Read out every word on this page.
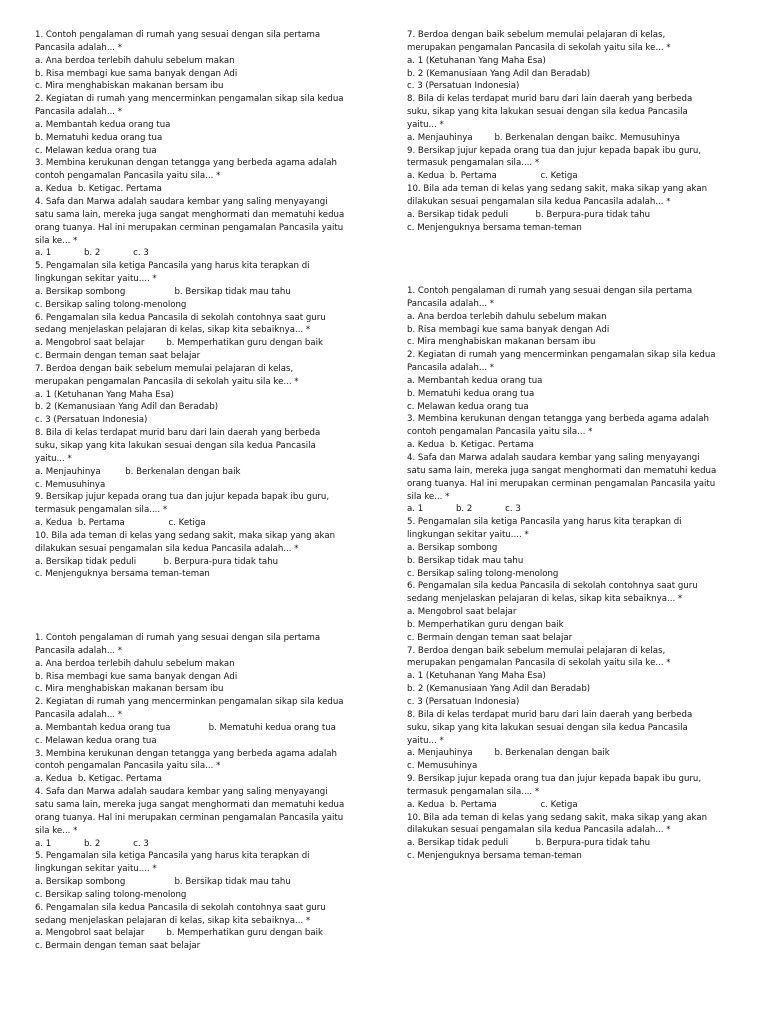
1. Contoh pengalaman di rumah yang sesuai dengan sila pertama
Pancasila adalah... *
a. Ana berdoa terlebih dahulu sebelum makan
b. Risa membagi kue sama banyak dengan Adi
c. Mira menghabiskan makanan bersam ibu
2. Kegiatan di rumah yang mencerminkan pengamalan sikap sila kedua
Pancasila adalah... *
a. Membantah kedua orang tua
b. Mematuhi kedua orang tua
c. Melawan kedua orang tua
3. Membina kerukunan dengan tetangga yang berbeda agama adalah
contoh pengamalan Pancasila yaitu sila... *
a. Kedua  b. Ketigac. Pertama
4. Safa dan Marwa adalah saudara kembar yang saling menyayangi
satu sama lain, mereka juga sangat menghormati dan mematuhi kedua
orang tuanya. Hal ini merupakan cerminan pengamalan Pancasila yaitu
sila ke... *
a. 1            b. 2            c. 3
5. Pengamalan sila ketiga Pancasila yang harus kita terapkan di
lingkungan sekitar yaitu.... *
a. Bersikap sombong                  b. Bersikap tidak mau tahu
c. Bersikap saling tolong-menolong
6. Pengamalan sila kedua Pancasila di sekolah contohnya saat guru
sedang menjelaskan pelajaran di kelas, sikap kita sebaiknya... *
a. Mengobrol saat belajar        b. Memperhatikan guru dengan baik
c. Bermain dengan teman saat belajar
7. Berdoa dengan baik sebelum memulai pelajaran di kelas,
merupakan pengamalan Pancasila di sekolah yaitu sila ke... *
a. 1 (Ketuhanan Yang Maha Esa)
b. 2 (Kemanusiaan Yang Adil dan Beradab)
c. 3 (Persatuan Indonesia)
8. Bila di kelas terdapat murid baru dari lain daerah yang berbeda
suku, sikap yang kita lakukan sesuai dengan sila kedua Pancasila
yaitu... *
a. Menjauhinya         b. Berkenalan dengan baik
c. Memusuhinya
9. Bersikap jujur kepada orang tua dan jujur kepada bapak ibu guru,
termasuk pengamalan sila.... *
a. Kedua  b. Pertama                c. Ketiga
10. Bila ada teman di kelas yang sedang sakit, maka sikap yang akan
dilakukan sesuai pengamalan sila kedua Pancasila adalah... *
a. Bersikap tidak peduli          b. Berpura-pura tidak tahu
c. Menjenguknya bersama teman-teman
7. Berdoa dengan baik sebelum memulai pelajaran di kelas,
merupakan pengamalan Pancasila di sekolah yaitu sila ke... *
a. 1 (Ketuhanan Yang Maha Esa)
b. 2 (Kemanusiaan Yang Adil dan Beradab)
c. 3 (Persatuan Indonesia)
8. Bila di kelas terdapat murid baru dari lain daerah yang berbeda
suku, sikap yang kita lakukan sesuai dengan sila kedua Pancasila
yaitu... *
a. Menjauhinya        b. Berkenalan dengan baikc. Memusuhinya
9. Bersikap jujur kepada orang tua dan jujur kepada bapak ibu guru,
termasuk pengamalan sila.... *
a. Kedua  b. Pertama                c. Ketiga
10. Bila ada teman di kelas yang sedang sakit, maka sikap yang akan
dilakukan sesuai pengamalan sila kedua Pancasila adalah... *
a. Bersikap tidak peduli          b. Berpura-pura tidak tahu
c. Menjenguknya bersama teman-teman
1. Contoh pengalaman di rumah yang sesuai dengan sila pertama
Pancasila adalah... *
a. Ana berdoa terlebih dahulu sebelum makan
b. Risa membagi kue sama banyak dengan Adi
c. Mira menghabiskan makanan bersam ibu
2. Kegiatan di rumah yang mencerminkan pengamalan sikap sila kedua
Pancasila adalah... *
a. Membantah kedua orang tua
b. Mematuhi kedua orang tua
c. Melawan kedua orang tua
3. Membina kerukunan dengan tetangga yang berbeda agama adalah
contoh pengamalan Pancasila yaitu sila... *
a. Kedua  b. Ketigac. Pertama
4. Safa dan Marwa adalah saudara kembar yang saling menyayangi
satu sama lain, mereka juga sangat menghormati dan mematuhi kedua
orang tuanya. Hal ini merupakan cerminan pengamalan Pancasila yaitu
sila ke... *
a. 1            b. 2            c. 3
5. Pengamalan sila ketiga Pancasila yang harus kita terapkan di
lingkungan sekitar yaitu.... *
a. Bersikap sombong
b. Bersikap tidak mau tahu
c. Bersikap saling tolong-menolong
6. Pengamalan sila kedua Pancasila di sekolah contohnya saat guru
sedang menjelaskan pelajaran di kelas, sikap kita sebaiknya... *
a. Mengobrol saat belajar
b. Memperhatikan guru dengan baik
c. Bermain dengan teman saat belajar
7. Berdoa dengan baik sebelum memulai pelajaran di kelas,
merupakan pengamalan Pancasila di sekolah yaitu sila ke... *
a. 1 (Ketuhanan Yang Maha Esa)
b. 2 (Kemanusiaan Yang Adil dan Beradab)
c. 3 (Persatuan Indonesia)
8. Bila di kelas terdapat murid baru dari lain daerah yang berbeda
suku, sikap yang kita lakukan sesuai dengan sila kedua Pancasila
yaitu... *
a. Menjauhinya        b. Berkenalan dengan baik
c. Memusuhinya
9. Bersikap jujur kepada orang tua dan jujur kepada bapak ibu guru,
termasuk pengamalan sila.... *
a. Kedua  b. Pertama                c. Ketiga
10. Bila ada teman di kelas yang sedang sakit, maka sikap yang akan
dilakukan sesuai pengamalan sila kedua Pancasila adalah... *
a. Bersikap tidak peduli          b. Berpura-pura tidak tahu
c. Menjenguknya bersama teman-teman
1. Contoh pengalaman di rumah yang sesuai dengan sila pertama
Pancasila adalah... *
a. Ana berdoa terlebih dahulu sebelum makan
b. Risa membagi kue sama banyak dengan Adi
c. Mira menghabiskan makanan bersam ibu
2. Kegiatan di rumah yang mencerminkan pengamalan sikap sila kedua
Pancasila adalah... *
a. Membantah kedua orang tua              b. Mematuhi kedua orang tua
c. Melawan kedua orang tua
3. Membina kerukunan dengan tetangga yang berbeda agama adalah
contoh pengamalan Pancasila yaitu sila... *
a. Kedua  b. Ketigac. Pertama
4. Safa dan Marwa adalah saudara kembar yang saling menyayangi
satu sama lain, mereka juga sangat menghormati dan mematuhi kedua
orang tuanya. Hal ini merupakan cerminan pengamalan Pancasila yaitu
sila ke... *
a. 1            b. 2            c. 3
5. Pengamalan sila ketiga Pancasila yang harus kita terapkan di
lingkungan sekitar yaitu.... *
a. Bersikap sombong                  b. Bersikap tidak mau tahu
c. Bersikap saling tolong-menolong
6. Pengamalan sila kedua Pancasila di sekolah contohnya saat guru
sedang menjelaskan pelajaran di kelas, sikap kita sebaiknya... *
a. Mengobrol saat belajar        b. Memperhatikan guru dengan baik
c. Bermain dengan teman saat belajar
